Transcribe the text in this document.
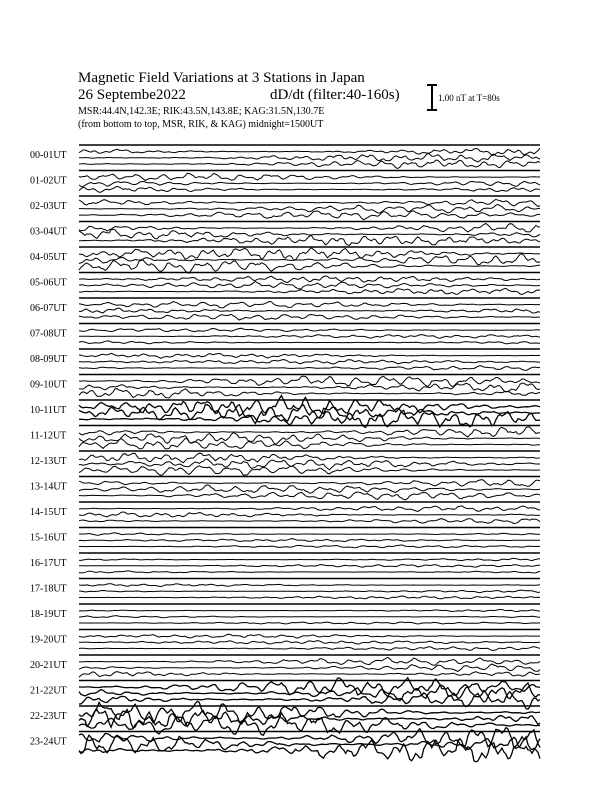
Magnetic Field Variations at 3 Stations in Japan
26 Septembe2022	dD/dt (filter:40-160s)
MSR:44.4N,142.3E; RIK:43.5N,143.8E; KAG:31.5N,130.7E
(from bottom to top, MSR, RIK, & KAG) midnight=1500UT
1.00 nT at T=80s
00-01UT
01-02UT
02-03UT
03-04UT
04-05UT
05-06UT
06-07UT
07-08UT
08-09UT
09-10UT
10-11UT
11-12UT
12-13UT
13-14UT
14-15UT
15-16UT
16-17UT
17-18UT
18-19UT
19-20UT
20-21UT
21-22UT
22-23UT
23-24UT
